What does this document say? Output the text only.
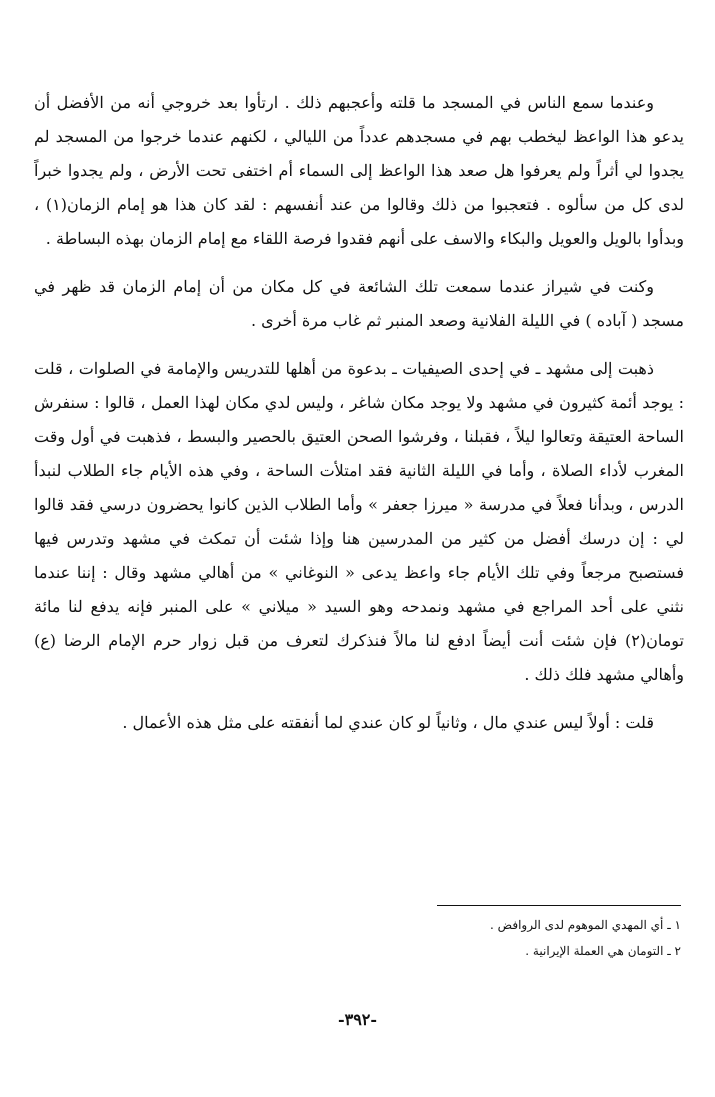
وعندما سمع الناس في المسجد ما قلته وأعجبهم ذلك . ارتأوا بعد خروجي أنه من الأفضل أن يدعو هذا الواعظ ليخطب بهم في مسجدهم عدداً من الليالي ، لكنهم عندما خرجوا من المسجد لم يجدوا لي أثراً ولم يعرفوا هل صعد هذا الواعظ إلى السماء أم اختفى تحت الأرض ، ولم يجدوا خبراً لدى كل من سألوه . فتعجبوا من ذلك وقالوا من عند أنفسهم : لقد كان هذا هو إمام الزمان(١) ، وبدأوا بالويل والعويل والبكاء والاسف على أنهم فقدوا فرصة اللقاء مع إمام الزمان بهذه البساطة .

وكنت في شيراز عندما سمعت تلك الشائعة في كل مكان من أن إمام الزمان قد ظهر في مسجد ( آباده ) في الليلة الفلانية وصعد المنبر ثم غاب مرة أخرى .

ذهبت إلى مشهد ـ في إحدى الصيفيات ـ بدعوة من أهلها للتدريس والإمامة في الصلوات ، قلت : يوجد أئمة كثيرون في مشهد ولا يوجد مكان شاغر ، وليس لدي مكان لهذا العمل ، قالوا : سنفرش الساحة العتيقة وتعالوا ليلاً ، فقبلنا ، وفرشوا الصحن العتيق بالحصير والبسط ، فذهبت في أول وقت المغرب لأداء الصلاة ، وأما في الليلة الثانية فقد امتلأت الساحة ، وفي هذه الأيام جاء الطلاب لنبدأ الدرس ، وبدأنا فعلاً في مدرسة « ميرزا جعفر » وأما الطلاب الذين كانوا يحضرون درسي فقد قالوا لي : إن درسك أفضل من كثير من المدرسين هنا وإذا شئت أن تمكث في مشهد وتدرس فيها فستصبح مرجعاً وفي تلك الأيام جاء واعظ يدعى « النوغاني » من أهالي مشهد وقال : إننا عندما نثني على أحد المراجع في مشهد ونمدحه وهو السيد « ميلاني » على المنبر فإنه يدفع لنا مائة تومان(٢) فإن شئت أنت أيضاً ادفع لنا مالاً فنذكرك لتعرف من قبل زوار حرم الإمام الرضا (ع) وأهالي مشهد فلك ذلك .

قلت : أولاً ليس عندي مال ، وثانياً لو كان عندي لما أنفقته على مثل هذه الأعمال .

١ ـ أي المهدي الموهوم لدى الروافض .
٢ ـ التومان هي العملة الإيرانية .
-٣٩٢-
